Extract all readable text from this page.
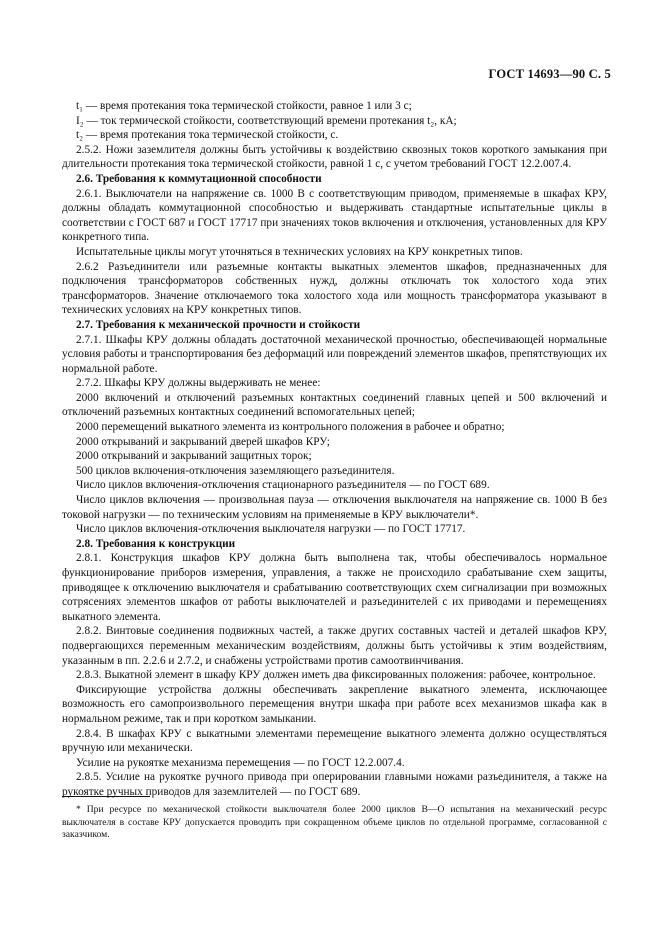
ГОСТ 14693—90 С. 5

t₁ — время протекания тока термической стойкости, равное 1 или 3 с;

I₂ — ток термической стойкости, соответствующий времени протекания t₂, кА;

t₂ — время протекания тока термической стойкости, с.

2.5.2. Ножи заземлителя должны быть устойчивы к воздействию сквозных токов короткого замыкания при длительности протекания тока термической стойкости, равной 1 с, с учетом требований ГОСТ 12.2.007.4.

2.6. Требования к коммутационной способности

2.6.1. Выключатели на напряжение св. 1000 В с соответствующим приводом, применяемые в шкафах КРУ, должны обладать коммутационной способностью и выдерживать стандартные испытательные циклы в соответствии с ГОСТ 687 и ГОСТ 17717 при значениях токов включения и отключения, установленных для КРУ конкретного типа.

Испытательные циклы могут уточняться в технических условиях на КРУ конкретных типов.

2.6.2 Разъединители или разъемные контакты выкатных элементов шкафов, предназначенных для подключения трансформаторов собственных нужд, должны отключать ток холостого хода этих трансформаторов. Значение отключаемого тока холостого хода или мощность трансформатора указывают в технических условиях на КРУ конкретных типов.

2.7. Требования к механической прочности и стойкости

2.7.1. Шкафы КРУ должны обладать достаточной механической прочностью, обеспечивающей нормальные условия работы и транспортирования без деформаций или повреждений элементов шкафов, препятствующих их нормальной работе.

2.7.2. Шкафы КРУ должны выдерживать не менее:

2000 включений и отключений разъемных контактных соединений главных цепей и 500 включений и отключений разъемных контактных соединений вспомогательных цепей;

2000 перемещений выкатного элемента из контрольного положения в рабочее и обратно;

2000 открываний и закрываний дверей шкафов КРУ;

2000 открываний и закрываний защитных торок;

500 циклов включения-отключения заземляющего разъединителя.

Число циклов включения-отключения стационарного разъединителя — по ГОСТ 689.

Число циклов включения — произвольная пауза — отключения выключателя на напряжение св. 1000 В без токовой нагрузки — по техническим условиям на применяемые в КРУ выключатели*.

Число циклов включения-отключения выключателя нагрузки — по ГОСТ 17717.

2.8. Требования к конструкции

2.8.1. Конструкция шкафов КРУ должна быть выполнена так, чтобы обеспечивалось нормальное функционирование приборов измерения, управления, а также не происходило срабатывание схем защиты, приводящее к отключению выключателя и срабатыванию соответствующих схем сигнализации при возможных сотрясениях элементов шкафов от работы выключателей и разъединителей с их приводами и перемещениях выкатного элемента.

2.8.2. Винтовые соединения подвижных частей, а также других составных частей и деталей шкафов КРУ, подвергающихся переменным механическим воздействиям, должны быть устойчивы к этим воздействиям, указанным в пп. 2.2.6 и 2.7.2, и снабжены устройствами против самоотвинчивания.

2.8.3. Выкатной элемент в шкафу КРУ должен иметь два фиксированных положения: рабочее, контрольное.

Фиксирующие устройства должны обеспечивать закрепление выкатного элемента, исключающее возможность его самопроизвольного перемещения внутри шкафа при работе всех механизмов шкафа как в нормальном режиме, так и при коротком замыкании.

2.8.4. В шкафах КРУ с выкатными элементами перемещение выкатного элемента должно осуществляться вручную или механически.

Усилие на рукоятке механизма перемещения — по ГОСТ 12.2.007.4.

2.8.5. Усилие на рукоятке ручного привода при оперировании главными ножами разъединителя, а также на рукоятке ручных приводов для заземлителей — по ГОСТ 689.

* При ресурсе по механической стойкости выключателя более 2000 циклов В—О испытания на механический ресурс выключателя в составе КРУ допускается проводить при сокращенном объеме циклов по отдельной программе, согласованной с заказчиком.
